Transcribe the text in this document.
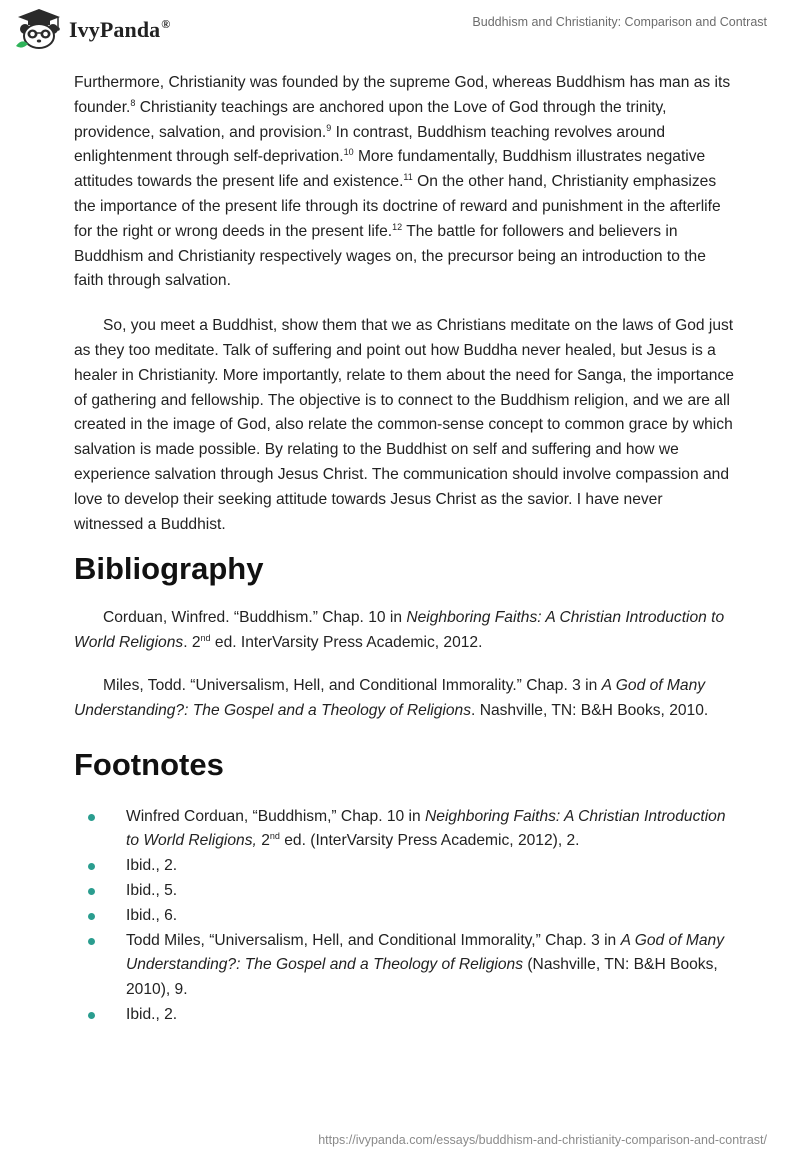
IvyPanda®	Buddhism and Christianity: Comparison and Contrast

Furthermore, Christianity was founded by the supreme God, whereas Buddhism has man as its founder.$^8$ Christianity teachings are anchored upon the Love of God through the trinity, providence, salvation, and provision.$^9$ In contrast, Buddhism teaching revolves around enlightenment through self-deprivation.$^{10}$ More fundamentally, Buddhism illustrates negative attitudes towards the present life and existence.$^{11}$ On the other hand, Christianity emphasizes the importance of the present life through its doctrine of reward and punishment in the afterlife for the right or wrong deeds in the present life.$^{12}$ The battle for followers and believers in Buddhism and Christianity respectively wages on, the precursor being an introduction to the faith through salvation.

So, you meet a Buddhist, show them that we as Christians meditate on the laws of God just as they too meditate. Talk of suffering and point out how Buddha never healed, but Jesus is a healer in Christianity. More importantly, relate to them about the need for Sanga, the importance of gathering and fellowship. The objective is to connect to the Buddhism religion, and we are all created in the image of God, also relate the common-sense concept to common grace by which salvation is made possible. By relating to the Buddhist on self and suffering and how we experience salvation through Jesus Christ. The communication should involve compassion and love to develop their seeking attitude towards Jesus Christ as the savior. I have never witnessed a Buddhist.

Bibliography

Corduan, Winfred. “Buddhism.” Chap. 10 in Neighboring Faiths: A Christian Introduction to World Religions. 2nd ed. InterVarsity Press Academic, 2012.

Miles, Todd. “Universalism, Hell, and Conditional Immorality.” Chap. 3 in A God of Many Understanding?: The Gospel and a Theology of Religions. Nashville, TN: B&H Books, 2010.

Footnotes
Winfred Corduan, “Buddhism,” Chap. 10 in Neighboring Faiths: A Christian Introduction to World Religions, 2nd ed. (InterVarsity Press Academic, 2012), 2.
Ibid., 2.
Ibid., 5.
Ibid., 6.
Todd Miles, “Universalism, Hell, and Conditional Immorality,” Chap. 3 in A God of Many Understanding?: The Gospel and a Theology of Religions (Nashville, TN: B&H Books, 2010), 9.
Ibid., 2.
https://ivypanda.com/essays/buddhism-and-christianity-comparison-and-contrast/
